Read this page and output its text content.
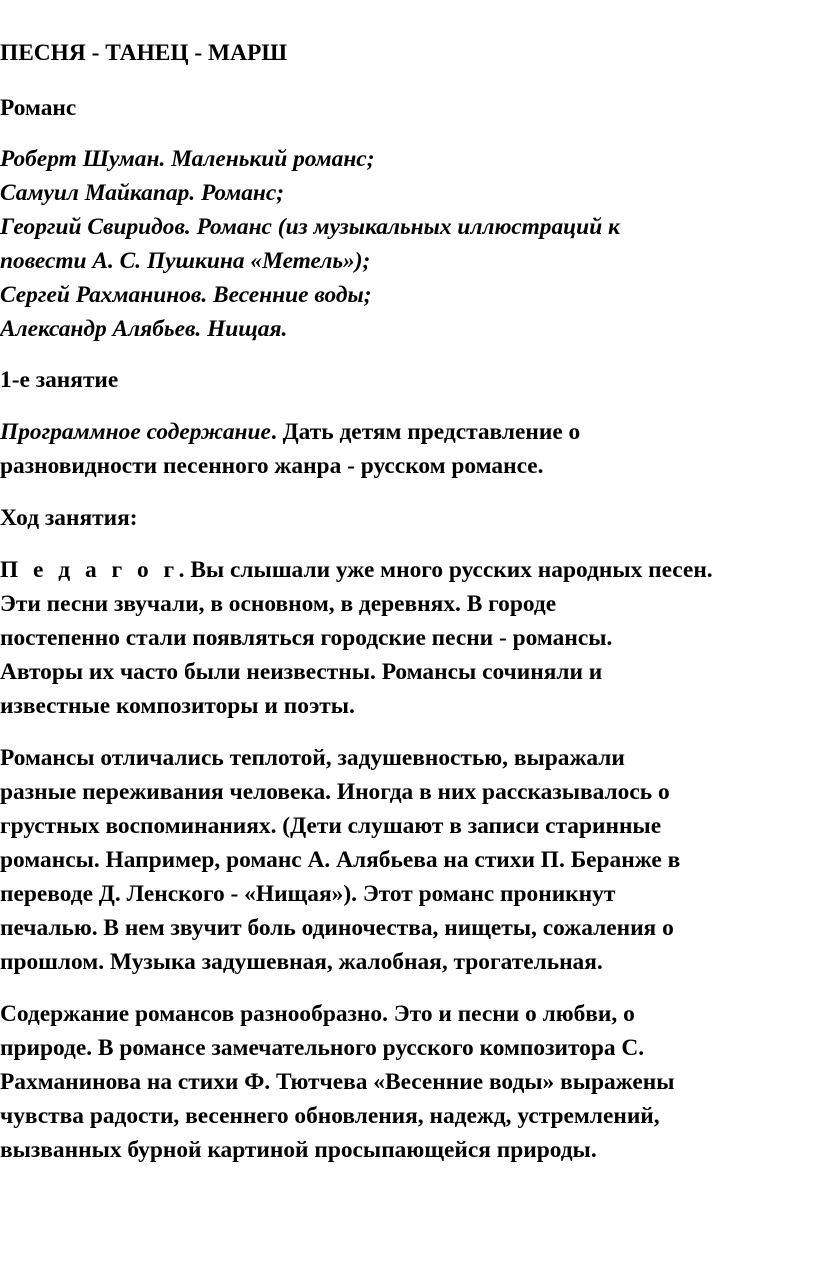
ПЕСНЯ - ТАНЕЦ - МАРШ

Романс

Роберт Шуман. Маленький романс;
Самуил Майкапар. Романс;
Георгий Свиридов. Романс (из музыкальных иллюстраций к
повести А. С. Пушкина «Метель»);
Сергей Рахманинов. Весенние воды;
Александр Алябьев. Нищая.

1-е занятие

Программное содержание. Дать детям представление о
разновидности песенного жанра - русском романсе.

Ход занятия:

П е д а г о г. Вы слышали уже много русских народных песен.
Эти песни звучали, в основном, в деревнях. В городе
постепенно стали появляться городские песни - романсы.
Авторы их часто были неизвестны. Романсы сочиняли и
известные композиторы и поэты.

Романсы отличались теплотой, задушевностью, выражали
разные переживания человека. Иногда в них рассказывалось о
грустных воспоминаниях. (Дети слушают в записи старинные
романсы. Например, романс А. Алябьева на стихи П. Беранже в
переводе Д. Ленского - «Нищая»). Этот романс проникнут
печалью. В нем звучит боль одиночества, нищеты, сожаления о
прошлом. Музыка задушевная, жалобная, трогательная.

Содержание романсов разнообразно. Это и песни о любви, о
природе. В романсе замечательного русского композитора С.
Рахманинова на стихи Ф. Тютчева «Весенние воды» выражены
чувства радости, весеннего обновления, надежд, устремлений,
вызванных бурной картиной просыпающейся природы.
